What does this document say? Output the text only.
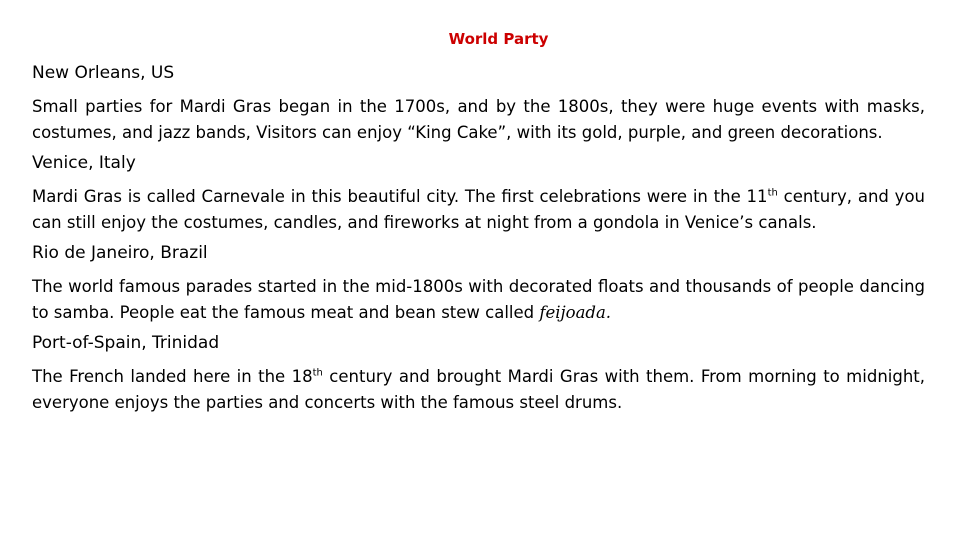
World Party
New Orleans, US
Small parties for Mardi Gras began in the 1700s, and by the 1800s, they were huge events with masks, costumes, and jazz bands, Visitors can enjoy “King Cake”, with its gold, purple, and green decorations.
Venice, Italy
Mardi Gras is called Carnevale in this beautiful city. The first celebrations were in the 11th century, and you can still enjoy the costumes, candles, and fireworks at night from a gondola in Venice’s canals.
Rio de Janeiro, Brazil
The world famous parades started in the mid-1800s with decorated floats and thousands of people dancing to samba. People eat the famous meat and bean stew called feijoada.
Port-of-Spain, Trinidad
The French landed here in the 18th century and brought Mardi Gras with them. From morning to midnight, everyone enjoys the parties and concerts with the famous steel drums.
